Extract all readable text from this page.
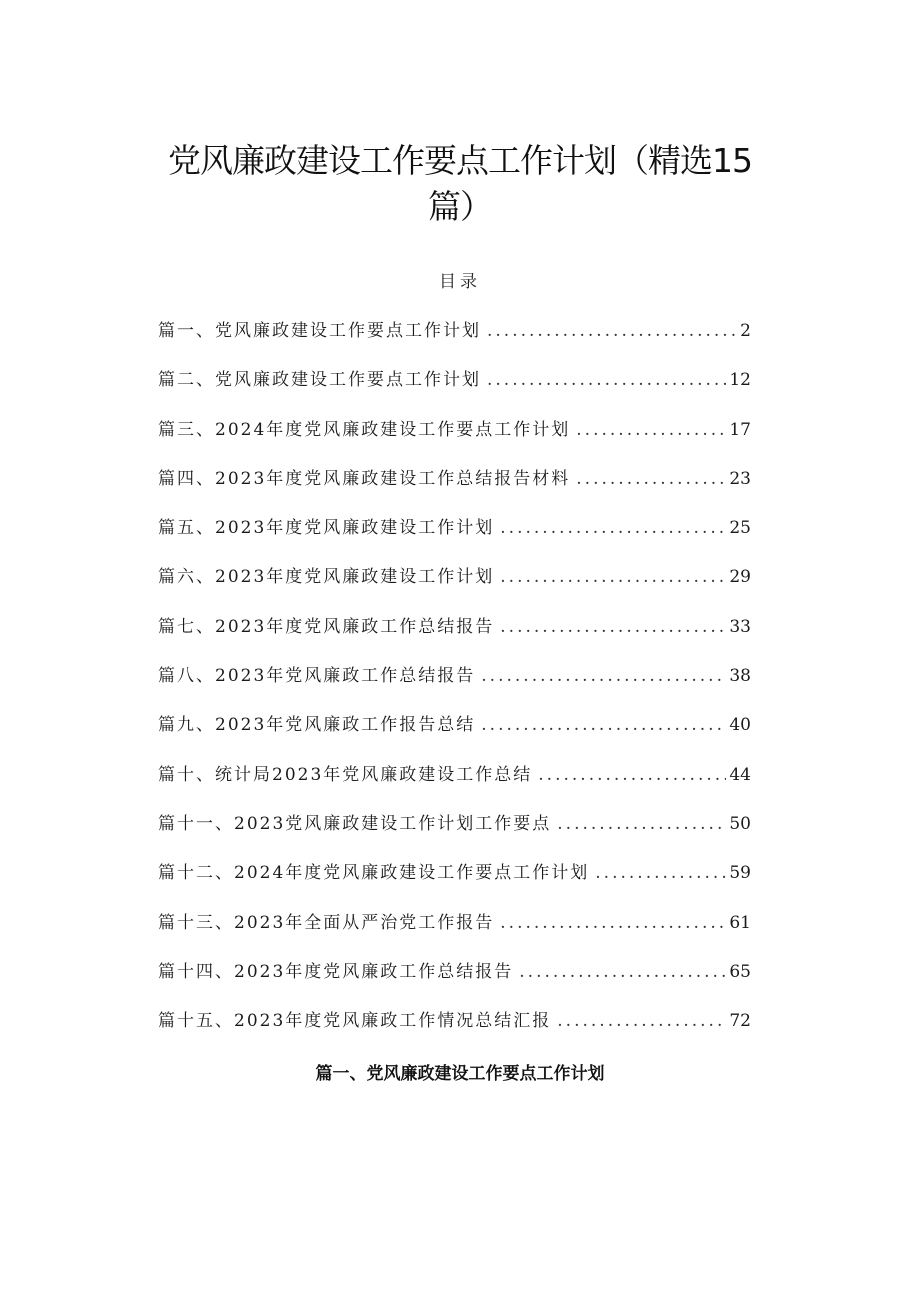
党风廉政建设工作要点工作计划（精选15篇）
目录
篇一、党风廉政建设工作要点工作计划 .....	2
篇二、党风廉政建设工作要点工作计划 .....	12
篇三、2024年度党风廉政建设工作要点工作计划 .....	17
篇四、2023年度党风廉政建设工作总结报告材料 .....	23
篇五、2023年度党风廉政建设工作计划 .....	25
篇六、2023年度党风廉政建设工作计划 .....	29
篇七、2023年度党风廉政工作总结报告 .....	33
篇八、2023年党风廉政工作总结报告 .....	38
篇九、2023年党风廉政工作报告总结 .....	40
篇十、统计局2023年党风廉政建设工作总结 .....	44
篇十一、2023党风廉政建设工作计划工作要点 .....	50
篇十二、2024年度党风廉政建设工作要点工作计划 .....	59
篇十三、2023年全面从严治党工作报告 .....	61
篇十四、2023年度党风廉政工作总结报告 .....	65
篇十五、2023年度党风廉政工作情况总结汇报 .....	72
篇一、党风廉政建设工作要点工作计划
